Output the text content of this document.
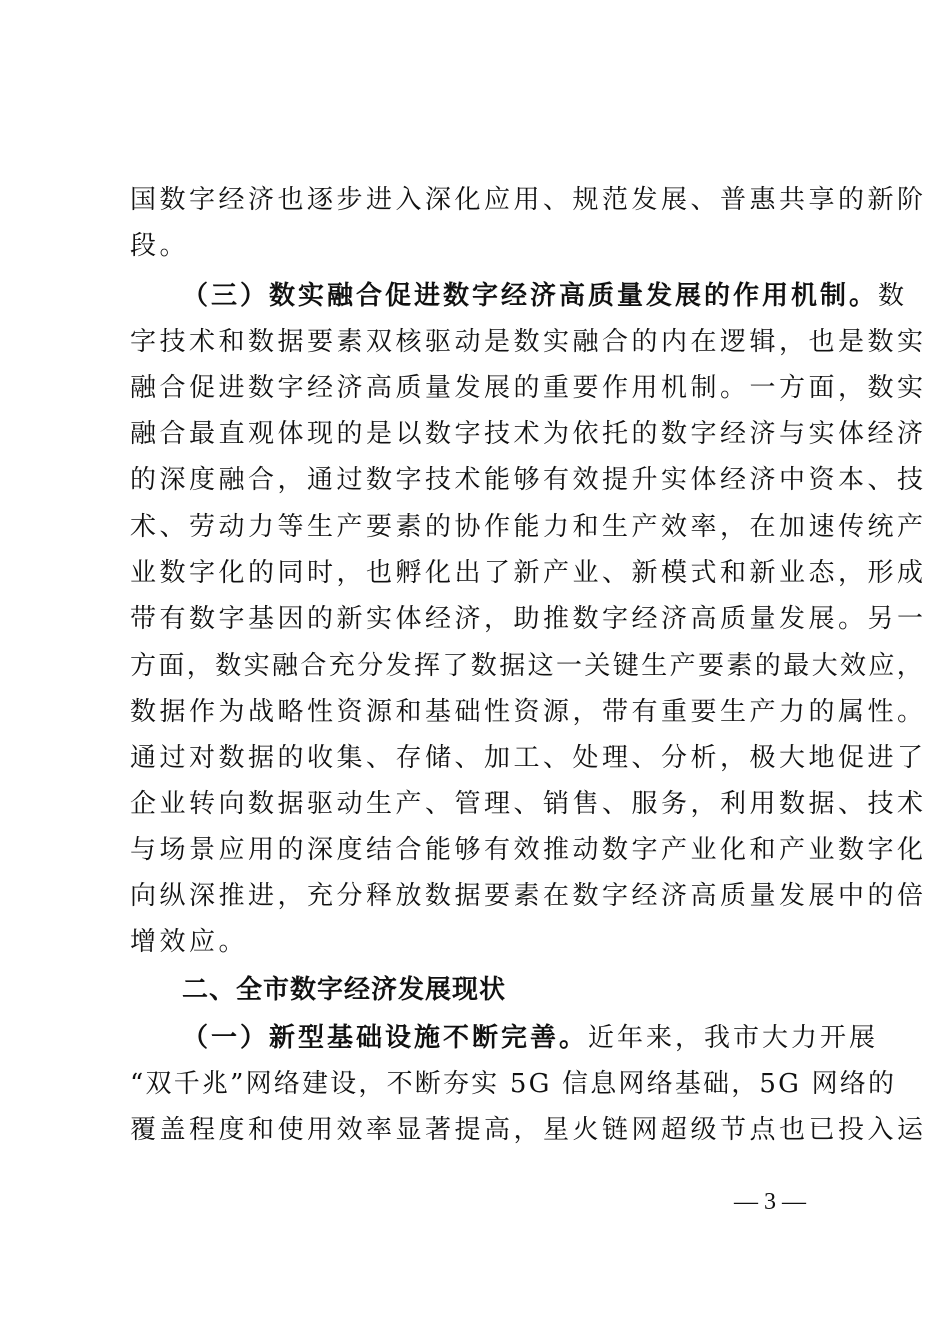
国数字经济也逐步进入深化应用、规范发展、普惠共享的新阶
段。
（三）数实融合促进数字经济高质量发展的作用机制。数
字技术和数据要素双核驱动是数实融合的内在逻辑，也是数实
融合促进数字经济高质量发展的重要作用机制。一方面，数实
融合最直观体现的是以数字技术为依托的数字经济与实体经济
的深度融合，通过数字技术能够有效提升实体经济中资本、技
术、劳动力等生产要素的协作能力和生产效率，在加速传统产
业数字化的同时，也孵化出了新产业、新模式和新业态，形成
带有数字基因的新实体经济，助推数字经济高质量发展。另一
方面，数实融合充分发挥了数据这一关键生产要素的最大效应，
数据作为战略性资源和基础性资源，带有重要生产力的属性。
通过对数据的收集、存储、加工、处理、分析，极大地促进了
企业转向数据驱动生产、管理、销售、服务，利用数据、技术
与场景应用的深度结合能够有效推动数字产业化和产业数字化
向纵深推进，充分释放数据要素在数字经济高质量发展中的倍
增效应。
二、全市数字经济发展现状
（一）新型基础设施不断完善。近年来，我市大力开展
“双千兆”网络建设，不断夯实 5G 信息网络基础，5G 网络的
覆盖程度和使用效率显著提高，星火链网超级节点也已投入运
— 3 —
